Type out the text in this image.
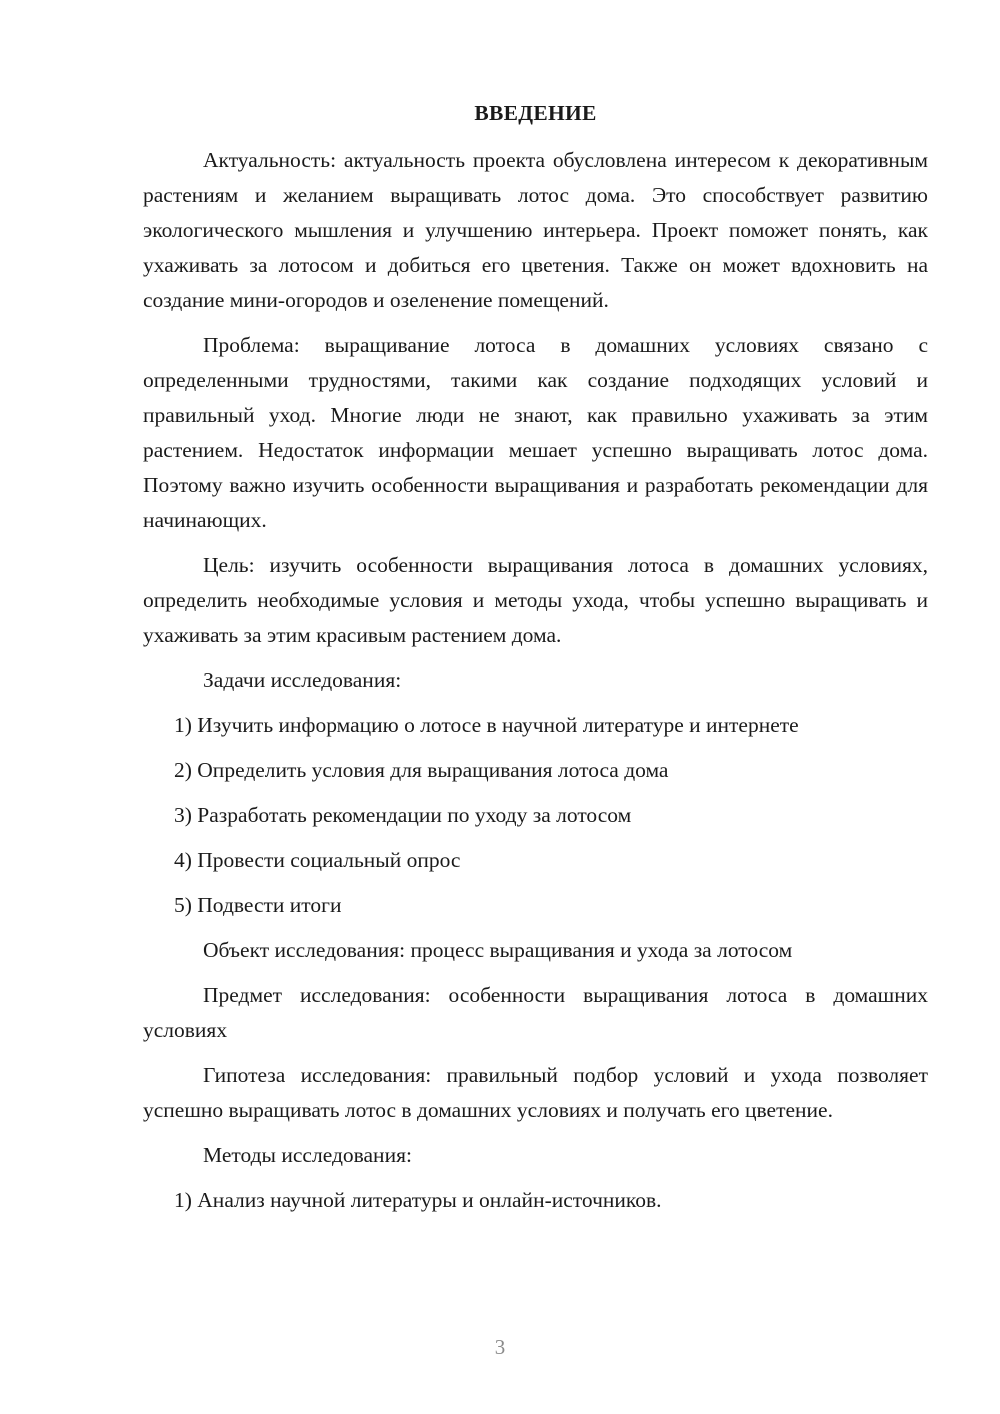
ВВЕДЕНИЕ

Актуальность: актуальность проекта обусловлена интересом к декоративным растениям и желанием выращивать лотос дома. Это способствует развитию экологического мышления и улучшению интерьера. Проект поможет понять, как ухаживать за лотосом и добиться его цветения. Также он может вдохновить на создание мини-огородов и озеленение помещений.

Проблема: выращивание лотоса в домашних условиях связано с определенными трудностями, такими как создание подходящих условий и правильный уход. Многие люди не знают, как правильно ухаживать за этим растением. Недостаток информации мешает успешно выращивать лотос дома. Поэтому важно изучить особенности выращивания и разработать рекомендации для начинающих.

Цель: изучить особенности выращивания лотоса в домашних условиях, определить необходимые условия и методы ухода, чтобы успешно выращивать и ухаживать за этим красивым растением дома.

Задачи исследования:
1) Изучить информацию о лотосе в научной литературе и интернете
2) Определить условия для выращивания лотоса дома
3) Разработать рекомендации по уходу за лотосом
4) Провести социальный опрос
5) Подвести итоги

Объект исследования: процесс выращивания и ухода за лотосом

Предмет исследования: особенности выращивания лотоса в домашних условиях

Гипотеза исследования: правильный подбор условий и ухода позволяет успешно выращивать лотос в домашних условиях и получать его цветение.

Методы исследования:
1) Анализ научной литературы и онлайн-источников.
3
